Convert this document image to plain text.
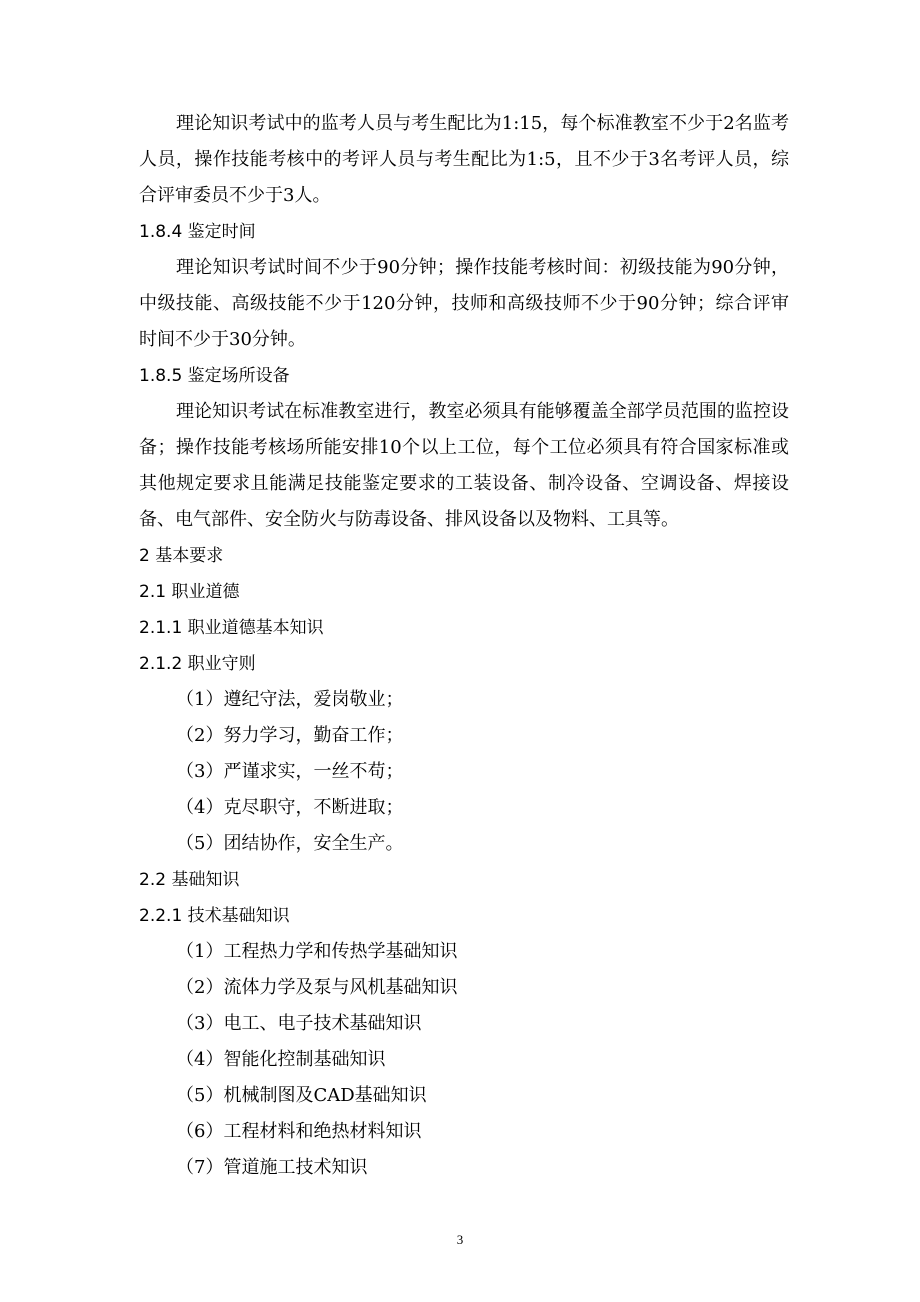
理论知识考试中的监考人员与考生配比为1:15，每个标准教室不少于2名监考人员，操作技能考核中的考评人员与考生配比为1:5，且不少于3名考评人员，综合评审委员不少于3人。

1.8.4 鉴定时间

理论知识考试时间不少于90分钟；操作技能考核时间：初级技能为90分钟，中级技能、高级技能不少于120分钟，技师和高级技师不少于90分钟；综合评审时间不少于30分钟。

1.8.5 鉴定场所设备

理论知识考试在标准教室进行，教室必须具有能够覆盖全部学员范围的监控设备；操作技能考核场所能安排10个以上工位，每个工位必须具有符合国家标准或其他规定要求且能满足技能鉴定要求的工装设备、制冷设备、空调设备、焊接设备、电气部件、安全防火与防毒设备、排风设备以及物料、工具等。

2 基本要求

2.1 职业道德

2.1.1 职业道德基本知识

2.1.2 职业守则

（1）遵纪守法，爱岗敬业；

（2）努力学习，勤奋工作；

（3）严谨求实，一丝不苟；

（4）克尽职守，不断进取；

（5）团结协作，安全生产。

2.2 基础知识

2.2.1 技术基础知识

（1）工程热力学和传热学基础知识

（2）流体力学及泵与风机基础知识

（3）电工、电子技术基础知识

（4）智能化控制基础知识

（5）机械制图及CAD基础知识

（6）工程材料和绝热材料知识

（7）管道施工技术知识

3
